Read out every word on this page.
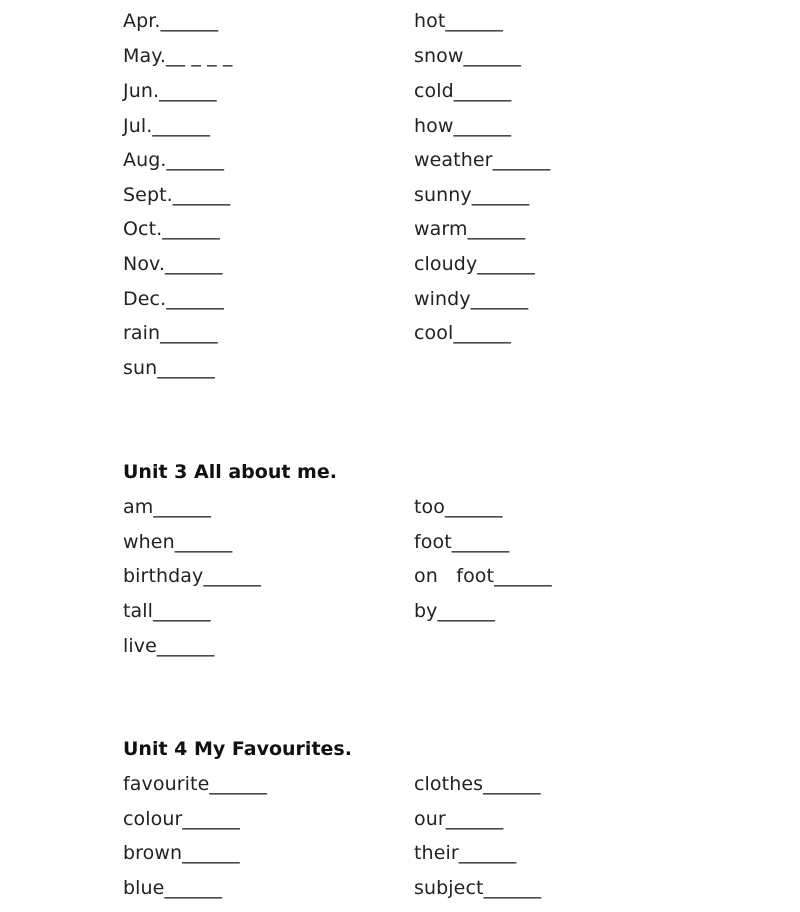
Apr.______
May.__ _ _ _
Jun.______
Jul.______
Aug.______
Sept.______
Oct.______
Nov.______
Dec.______
rain______
sun______
hot______
snow______
cold______
how______
weather______
sunny______
warm______
cloudy______
windy______
cool______
Unit 3 All about me.
am______
when______
birthday______
tall______
live______
too______
foot______
on   foot______
by______
Unit 4 My Favourites.
favourite______
colour______
brown______
blue______
clothes______
our______
their______
subject______
